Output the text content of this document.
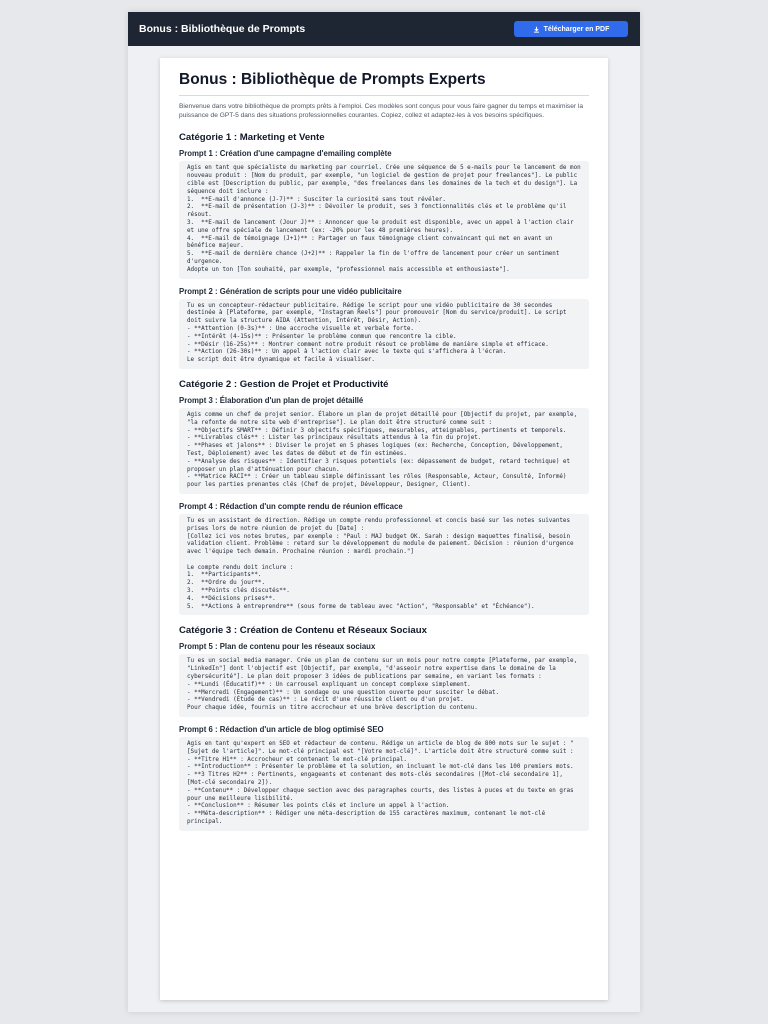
Bonus : Bibliothèque de Prompts	Télécharger en PDF
Bonus : Bibliothèque de Prompts Experts

Bienvenue dans votre bibliothèque de prompts prêts à l'emploi. Ces modèles sont conçus pour vous faire gagner du temps et maximiser la puissance de GPT-5 dans des situations professionnelles courantes. Copiez, collez et adaptez-les à vos besoins spécifiques.

Catégorie 1 : Marketing et Vente
Prompt 1 : Création d'une campagne d'emailing complète
Agis en tant que spécialiste du marketing par courriel. Crée une séquence de 5 e-mails pour le lancement de mon nouveau produit : [Nom du produit, par exemple, "un logiciel de gestion de projet pour freelances"]. Le public cible est [Description du public, par exemple, "des freelances dans les domaines de la tech et du design"]. La séquence doit inclure :
1.  **E-mail d'annonce (J-7)** : Susciter la curiosité sans tout révéler.
2.  **E-mail de présentation (J-3)** : Dévoiler le produit, ses 3 fonctionnalités clés et le problème qu'il résout.
3.  **E-mail de lancement (Jour J)** : Annoncer que le produit est disponible, avec un appel à l'action clair et une offre spéciale de lancement (ex: -20% pour les 48 premières heures).
4.  **E-mail de témoignage (J+1)** : Partager un faux témoignage client convaincant qui met en avant un bénéfice majeur.
5.  **E-mail de dernière chance (J+2)** : Rappeler la fin de l'offre de lancement pour créer un sentiment d'urgence.
Adopte un ton [Ton souhaité, par exemple, "professionnel mais accessible et enthousiaste"].
Prompt 2 : Génération de scripts pour une vidéo publicitaire
Tu es un concepteur-rédacteur publicitaire. Rédige le script pour une vidéo publicitaire de 30 secondes destinée à [Plateforme, par exemple, "Instagram Reels"] pour promouvoir [Nom du service/produit]. Le script doit suivre la structure AIDA (Attention, Intérêt, Désir, Action).
- **Attention (0-3s)** : Une accroche visuelle et verbale forte.
- **Intérêt (4-15s)** : Présenter le problème commun que rencontre la cible.
- **Désir (16-25s)** : Montrer comment notre produit résout ce problème de manière simple et efficace.
- **Action (26-30s)** : Un appel à l'action clair avec le texte qui s'affichera à l'écran.
Le script doit être dynamique et facile à visualiser.
Catégorie 2 : Gestion de Projet et Productivité
Prompt 3 : Élaboration d'un plan de projet détaillé
Agis comme un chef de projet senior. Élabore un plan de projet détaillé pour [Objectif du projet, par exemple, "la refonte de notre site web d'entreprise"]. Le plan doit être structuré comme suit :
- **Objectifs SMART** : Définir 3 objectifs spécifiques, mesurables, atteignables, pertinents et temporels.
- **Livrables clés** : Lister les principaux résultats attendus à la fin du projet.
- **Phases et jalons** : Diviser le projet en 5 phases logiques (ex: Recherche, Conception, Développement, Test, Déploiement) avec les dates de début et de fin estimées.
- **Analyse des risques** : Identifier 3 risques potentiels (ex: dépassement de budget, retard technique) et proposer un plan d'atténuation pour chacun.
- **Matrice RACI** : Créer un tableau simple définissant les rôles (Responsable, Acteur, Consulté, Informé) pour les parties prenantes clés (Chef de projet, Développeur, Designer, Client).
Prompt 4 : Rédaction d'un compte rendu de réunion efficace
Tu es un assistant de direction. Rédige un compte rendu professionnel et concis basé sur les notes suivantes prises lors de notre réunion de projet du [Date] :
[Collez ici vos notes brutes, par exemple : "Paul : MAJ budget OK. Sarah : design maquettes finalisé, besoin validation client. Problème : retard sur le développement du module de paiement. Décision : réunion d'urgence avec l'équipe tech demain. Prochaine réunion : mardi prochain."]

Le compte rendu doit inclure :
1.  **Participants**.
2.  **Ordre du jour**.
3.  **Points clés discutés**.
4.  **Décisions prises**.
5.  **Actions à entreprendre** (sous forme de tableau avec "Action", "Responsable" et "Échéance").
Catégorie 3 : Création de Contenu et Réseaux Sociaux
Prompt 5 : Plan de contenu pour les réseaux sociaux
Tu es un social media manager. Crée un plan de contenu sur un mois pour notre compte [Plateforme, par exemple, "LinkedIn"] dont l'objectif est [Objectif, par exemple, "d'asseoir notre expertise dans le domaine de la cybersécurité"]. Le plan doit proposer 3 idées de publications par semaine, en variant les formats :
- **Lundi (Éducatif)** : Un carrousel expliquant un concept complexe simplement.
- **Mercredi (Engagement)** : Un sondage ou une question ouverte pour susciter le débat.
- **Vendredi (Étude de cas)** : Le récit d'une réussite client ou d'un projet.
Pour chaque idée, fournis un titre accrocheur et une brève description du contenu.
Prompt 6 : Rédaction d'un article de blog optimisé SEO
Agis en tant qu'expert en SEO et rédacteur de contenu. Rédige un article de blog de 800 mots sur le sujet : "[Sujet de l'article]". Le mot-clé principal est "[Votre mot-clé]". L'article doit être structuré comme suit :
- **Titre H1** : Accrocheur et contenant le mot-clé principal.
- **Introduction** : Présenter le problème et la solution, en incluant le mot-clé dans les 100 premiers mots.
- **3 Titres H2** : Pertinents, engageants et contenant des mots-clés secondaires ([Mot-clé secondaire 1], [Mot-clé secondaire 2]).
- **Contenu** : Développer chaque section avec des paragraphes courts, des listes à puces et du texte en gras pour une meilleure lisibilité.
- **Conclusion** : Résumer les points clés et inclure un appel à l'action.
- **Méta-description** : Rédiger une méta-description de 155 caractères maximum, contenant le mot-clé principal.
